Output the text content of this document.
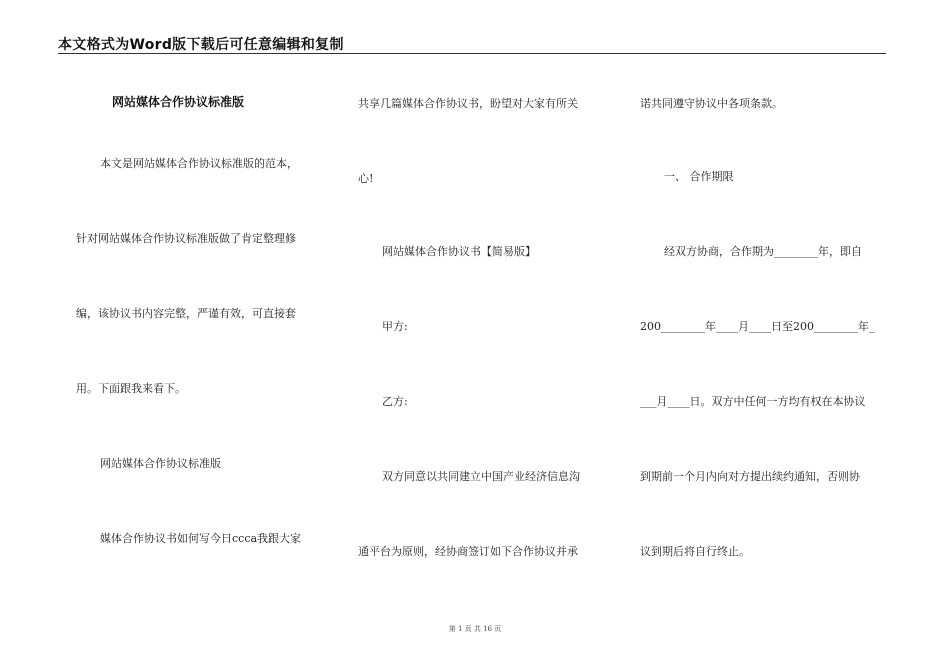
本文格式为Word版下载后可任意编辑和复制
网站媒体合作协议标准版
本文是网站媒体合作协议标准版的范本，
针对网站媒体合作协议标准版做了肯定整理修
编，该协议书内容完整，严谨有效，可直接套
用。下面跟我来看下。
网站媒体合作协议标准版
媒体合作协议书如何写今日ccca我跟大家
共享几篇媒体合作协议书，盼望对大家有所关
心!
网站媒体合作协议书【简易版】
甲方:
乙方:
双方同意以共同建立中国产业经济信息沟
通平台为原则，经协商签订如下合作协议并承
诺共同遵守协议中各项条款。
一、 合作期限
经双方协商，合作期为________年，即自
200________年____月____日至200________年_
___月____日。双方中任何一方均有权在本协议
到期前一个月内向对方提出续约通知，否则协
议到期后将自行终止。
第 1 页 共 16 页
